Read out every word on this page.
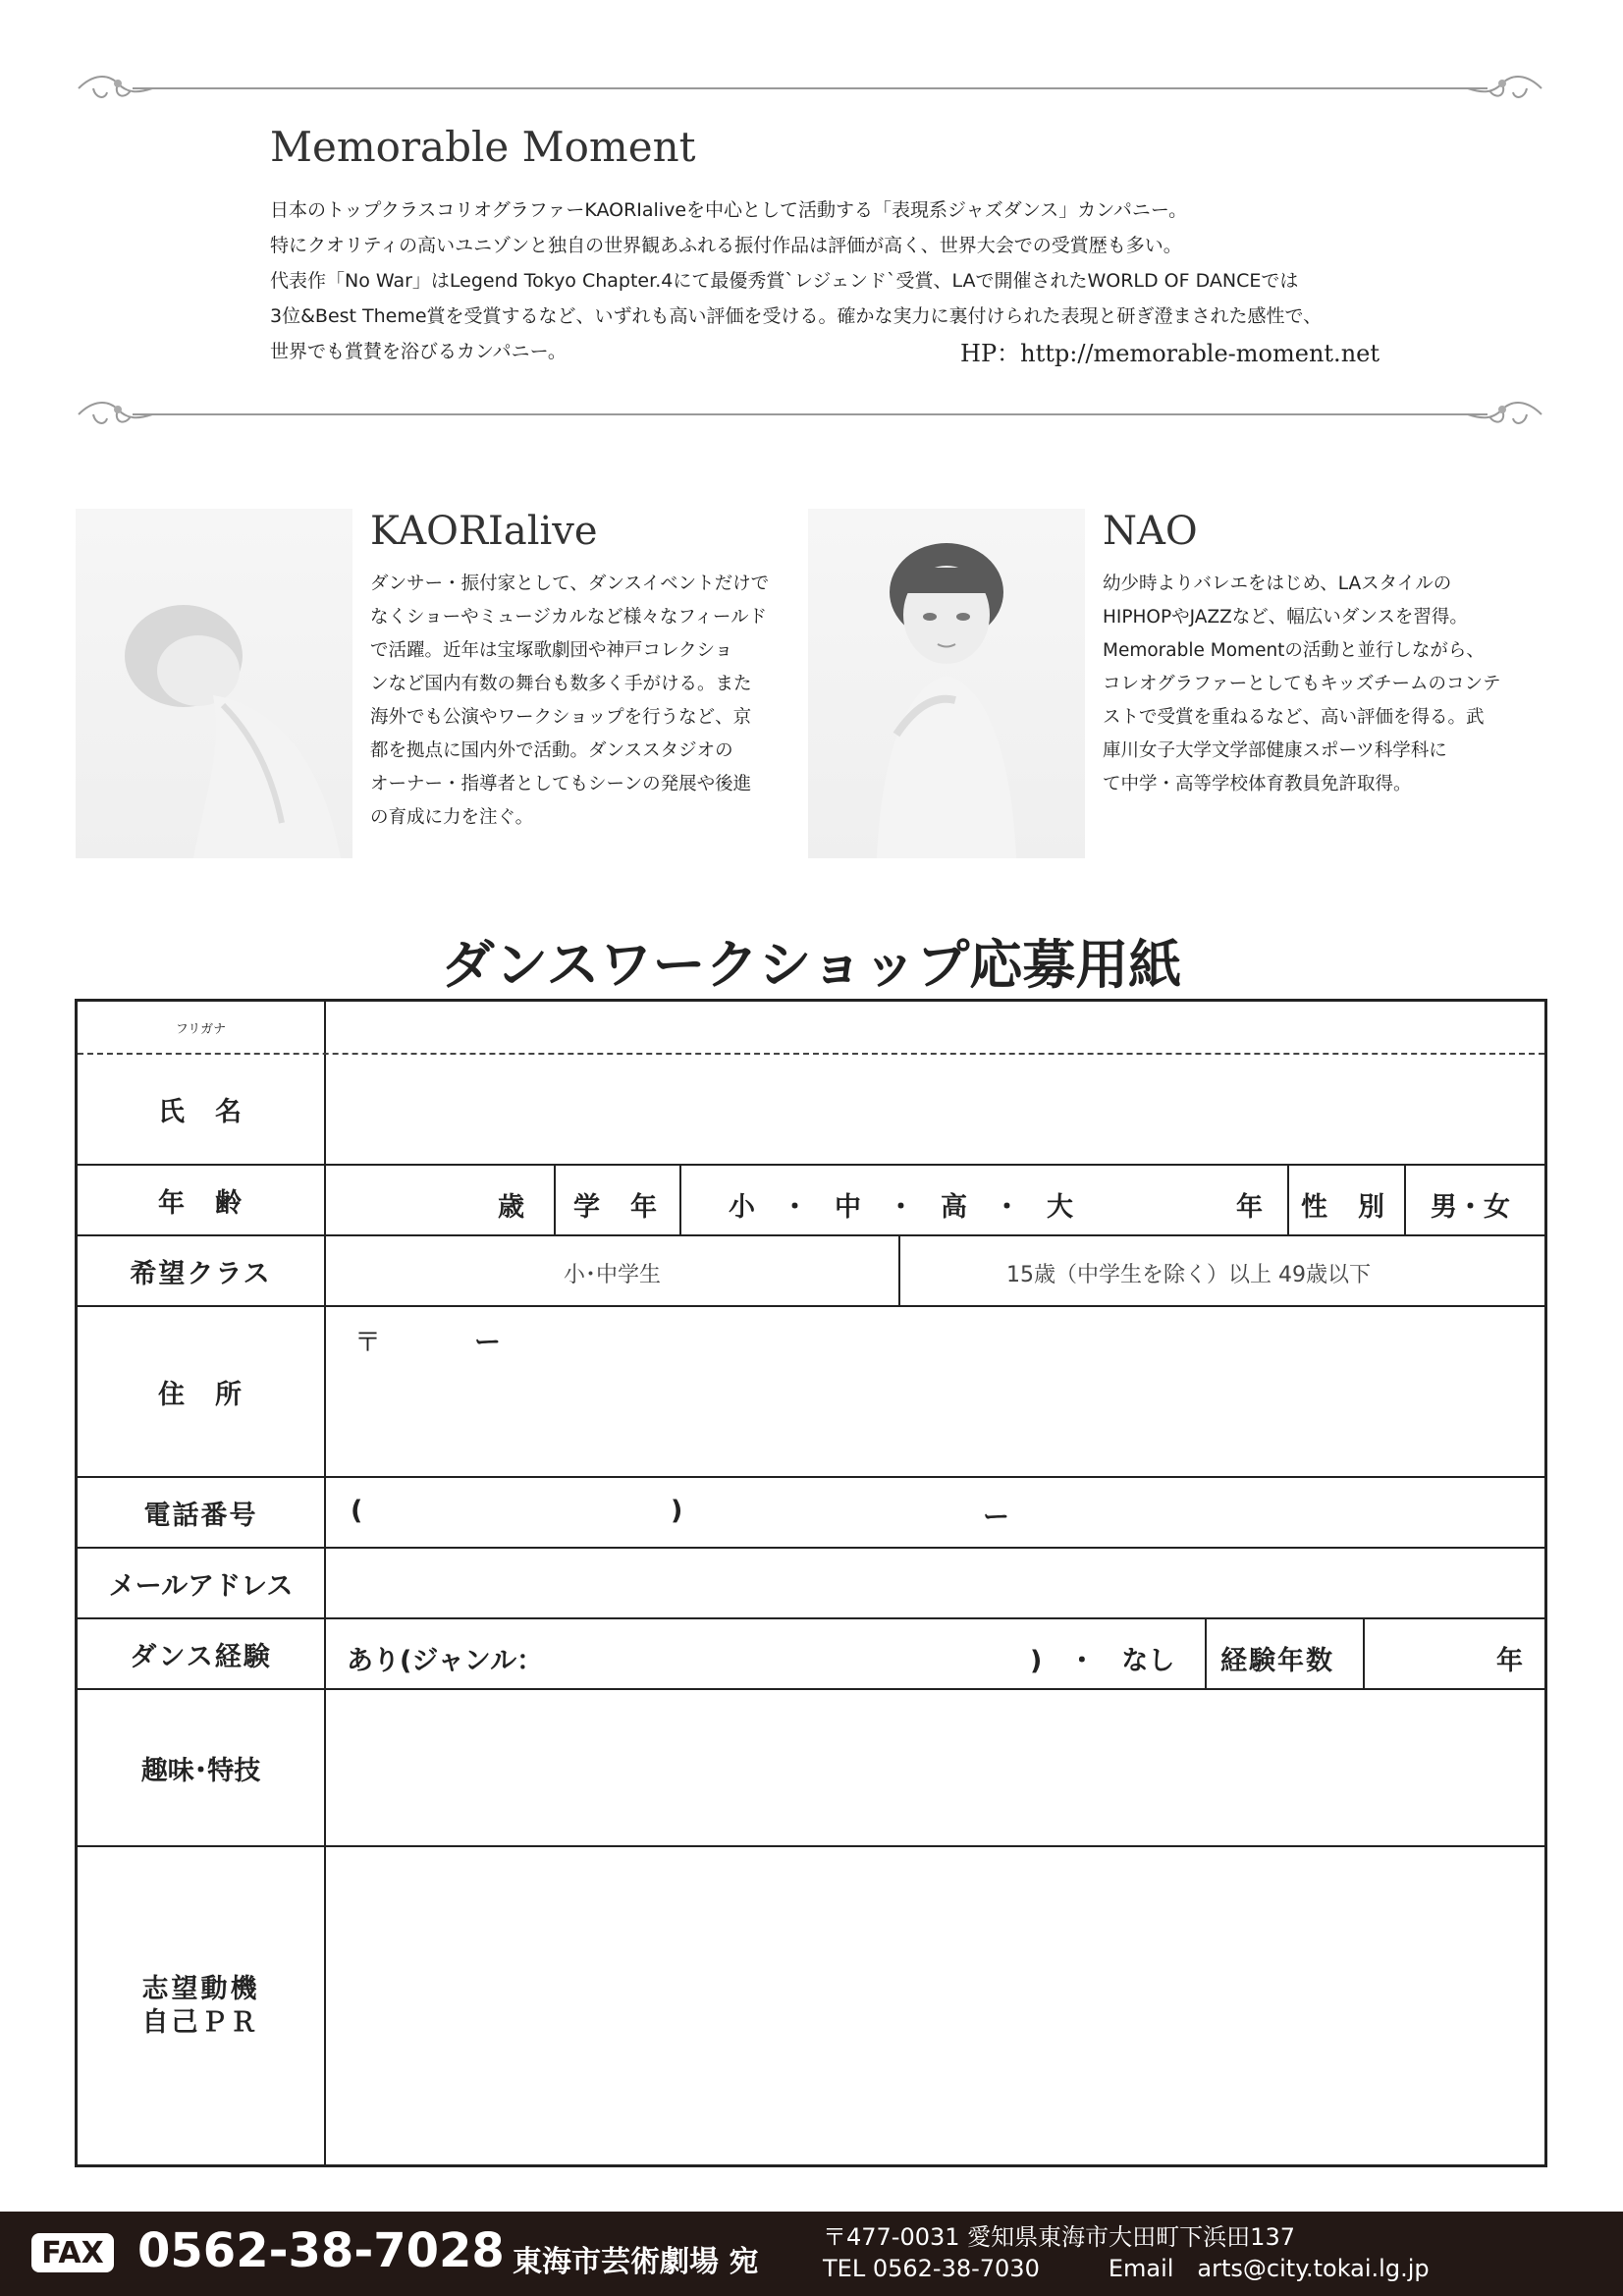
Memorable Moment

日本のトップクラスコリオグラファーKAORIaliveを中心として活動する「表現系ジャズダンス」カンパニー。

特にクオリティの高いユニゾンと独自の世界観あふれる振付作品は評価が高く、世界大会での受賞歴も多い。

代表作「No War」はLegend Tokyo Chapter.4にて最優秀賞`レジェンド`受賞、LAで開催されたWORLD OF DANCEでは

3位&Best Theme賞を受賞するなど、いずれも高い評価を受ける。確かな実力に裏付けられた表現と研ぎ澄まされた感性で、

世界でも賞賛を浴びるカンパニー。	HP：http://memorable-moment.net
KAORIalive

ダンサー・振付家として、ダンスイベントだけで

なくショーやミュージカルなど様々なフィールド

で活躍。近年は宝塚歌劇団や神戸コレクショ

ンなど国内有数の舞台も数多く手がける。また

海外でも公演やワークショップを行うなど、京

都を拠点に国内外で活動。ダンススタジオの

オーナー・指導者としてもシーンの発展や後進

の育成に力を注ぐ。

NAO

幼少時よりバレエをはじめ、LAスタイルの

HIPHOPやJAZZなど、幅広いダンスを習得。

Memorable Momentの活動と並行しながら、

コレオグラファーとしてもキッズチームのコンテ

ストで受賞を重ねるなど、高い評価を得る。武

庫川女子大学文学部健康スポーツ科学科に

て中学・高等学校体育教員免許取得。

ダンスワークショップ応募用紙
フリガナ
氏　名
年　齢	歳 学　年	小　・　中　・　高　・　大	年 性　別 男・女
希望クラス	小･中学生	15歳（中学生を除く）以上 49歳以下
住　所
〒	ー
電話番号	(	)	ー
メールアドレス
ダンス経験	あり(ジャンル：	)　・　なし 経験年数	年
趣味･特技
志望動機
自己ＰＲ
FAX 0562-38-7028 東海市芸術劇場 宛
〒477-0031 愛知県東海市大田町下浜田137
TEL 0562-38-7030	Email　arts@city.tokai.lg.jp
